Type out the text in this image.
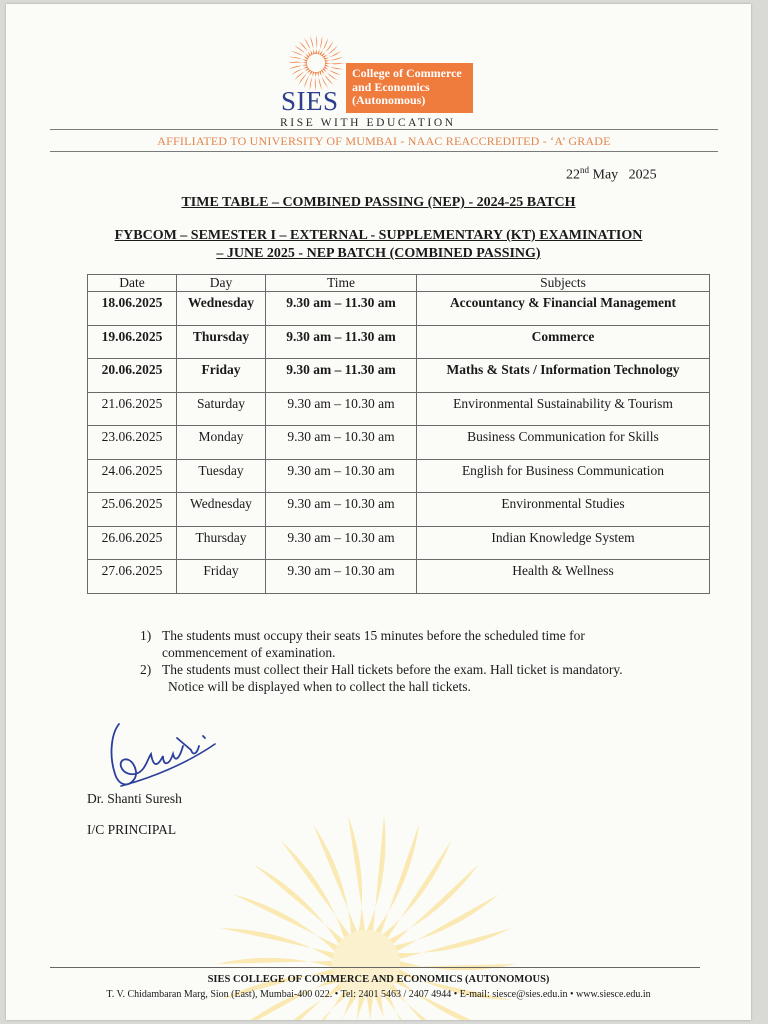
SIES
College of Commerce
and Economics
(Autonomous)
RISE WITH EDUCATION
AFFILIATED TO UNIVERSITY OF MUMBAI - NAAC REACCREDITED - ‘A’ GRADE
22nd May   2025
TIME TABLE – COMBINED PASSING (NEP) - 2024-25 BATCH
FYBCOM – SEMESTER I – EXTERNAL - SUPPLEMENTARY (KT) EXAMINATION
– JUNE 2025 - NEP BATCH (COMBINED PASSING)
Date	Day	Time	Subjects
18.06.2025	Wednesday	9.30 am – 11.30 am	Accountancy & Financial Management
19.06.2025	Thursday	9.30 am – 11.30 am	Commerce
20.06.2025	Friday	9.30 am – 11.30 am	Maths & Stats / Information Technology
21.06.2025	Saturday	9.30 am – 10.30 am	Environmental Sustainability & Tourism
23.06.2025	Monday	9.30 am – 10.30 am	Business Communication for Skills
24.06.2025	Tuesday	9.30 am – 10.30 am	English for Business Communication
25.06.2025	Wednesday	9.30 am – 10.30 am	Environmental Studies
26.06.2025	Thursday	9.30 am – 10.30 am	Indian Knowledge System
27.06.2025	Friday	9.30 am – 10.30 am	Health & Wellness
1) The students must occupy their seats 15 minutes before the scheduled time for
commencement of examination.
2) The students must collect their Hall tickets before the exam. Hall ticket is mandatory.
Notice will be displayed when to collect the hall tickets.
Dr. Shanti Suresh
I/C PRINCIPAL
SIES COLLEGE OF COMMERCE AND ECONOMICS (AUTONOMOUS)
T. V. Chidambaran Marg, Sion (East), Mumbai-400 022. • Tel: 2401 5463 / 2407 4944 • E-mail: siesce@sies.edu.in • www.siesce.edu.in
